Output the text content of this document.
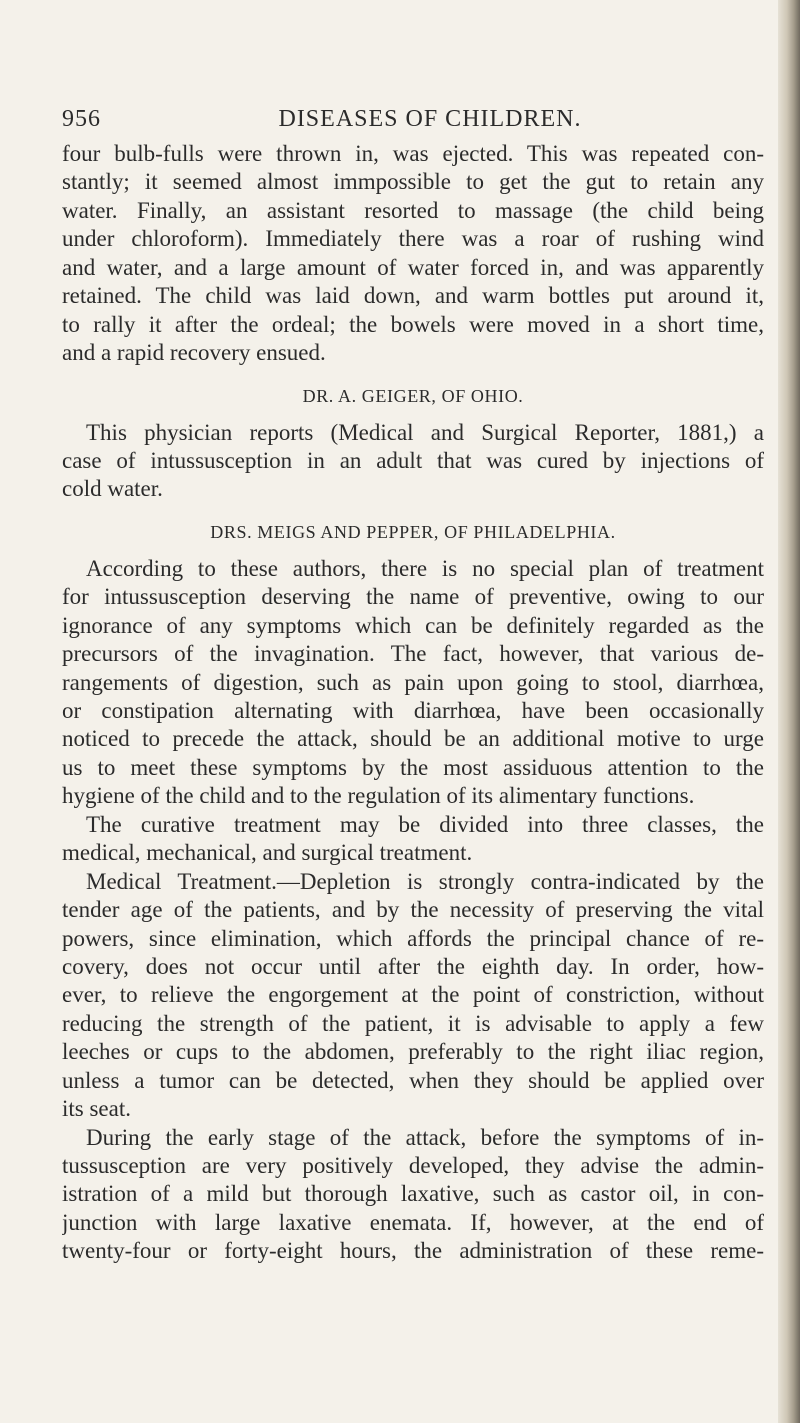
956	DISEASES OF CHILDREN.
four bulb-fulls were thrown in, was ejected. This was repeated con-
stantly; it seemed almost immpossible to get the gut to retain any
water. Finally, an assistant resorted to massage (the child being
under chloroform). Immediately there was a roar of rushing wind
and water, and a large amount of water forced in, and was apparently
retained. The child was laid down, and warm bottles put around it,
to rally it after the ordeal; the bowels were moved in a short time,
and a rapid recovery ensued.
DR. A. GEIGER, OF OHIO.
This physician reports (Medical and Surgical Reporter, 1881,) a
case of intussusception in an adult that was cured by injections of
cold water.
DRS. MEIGS AND PEPPER, OF PHILADELPHIA.
According to these authors, there is no special plan of treatment
for intussusception deserving the name of preventive, owing to our
ignorance of any symptoms which can be definitely regarded as the
precursors of the invagination. The fact, however, that various de-
rangements of digestion, such as pain upon going to stool, diarrhœa,
or constipation alternating with diarrhœa, have been occasionally
noticed to precede the attack, should be an additional motive to urge
us to meet these symptoms by the most assiduous attention to the
hygiene of the child and to the regulation of its alimentary functions.
The curative treatment may be divided into three classes, the
medical, mechanical, and surgical treatment.
Medical Treatment.—Depletion is strongly contra-indicated by the
tender age of the patients, and by the necessity of preserving the vital
powers, since elimination, which affords the principal chance of re-
covery, does not occur until after the eighth day. In order, how-
ever, to relieve the engorgement at the point of constriction, without
reducing the strength of the patient, it is advisable to apply a few
leeches or cups to the abdomen, preferably to the right iliac region,
unless a tumor can be detected, when they should be applied over
its seat.
During the early stage of the attack, before the symptoms of in-
tussusception are very positively developed, they advise the admin-
istration of a mild but thorough laxative, such as castor oil, in con-
junction with large laxative enemata. If, however, at the end of
twenty-four or forty-eight hours, the administration of these reme-
